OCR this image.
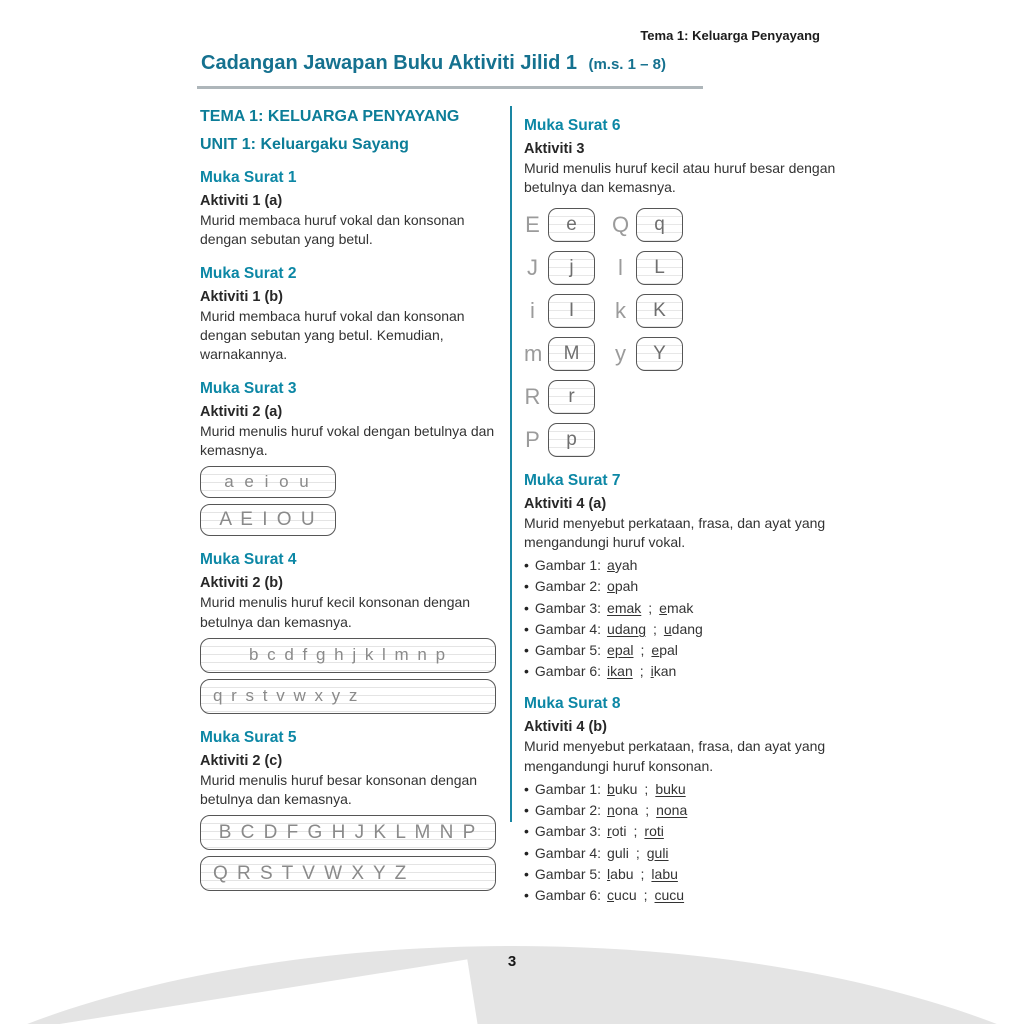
Tema 1: Keluarga Penyayang
Cadangan Jawapan Buku Aktiviti Jilid 1 (m.s. 1 – 8)
TEMA 1: KELUARGA PENYAYANG
UNIT 1: Keluargaku Sayang
Muka Surat 1
Aktiviti 1 (a)

Murid membaca huruf vokal dan konsonan dengan sebutan yang betul.

Muka Surat 2
Aktiviti 1 (b)

Murid membaca huruf vokal dan konsonan dengan sebutan yang betul. Kemudian, warnakannya.

Muka Surat 3
Aktiviti 2 (a)

Murid menulis huruf vokal dengan betulnya dan kemasnya.

a e i o u
A E I O U
Muka Surat 4
Aktiviti 2 (b)

Murid menulis huruf kecil konsonan dengan betulnya dan kemasnya.

b c d f g h j k l m n p
q r s t v w x y z
Muka Surat 5
Aktiviti 2 (c)

Murid menulis huruf besar konsonan dengan betulnya dan kemasnya.

B C D F G H J K L M N P
Q R S T V W X Y Z
Muka Surat 6
Aktiviti 3

Murid menulis huruf kecil atau huruf besar dengan betulnya dan kemasnya.

E e Q q
J j l	L
i	I k K
m M y Y
R r
P p
Muka Surat 7
Aktiviti 4 (a)

Murid menyebut perkataan, frasa, dan ayat yang mengandungi huruf vokal.

• Gambar 1: ayah
• Gambar 2: opah
• Gambar 3: emak ; emak
• Gambar 4: udang ; udang
• Gambar 5: epal ; epal
• Gambar 6: ikan ; ikan
Muka Surat 8
Aktiviti 4 (b)

Murid menyebut perkataan, frasa, dan ayat yang mengandungi huruf konsonan.

• Gambar 1: buku ; buku
• Gambar 2: nona ; nona
• Gambar 3: roti ; roti
• Gambar 4: guli ; guli
• Gambar 5: labu ; labu
• Gambar 6: cucu ; cucu
3
